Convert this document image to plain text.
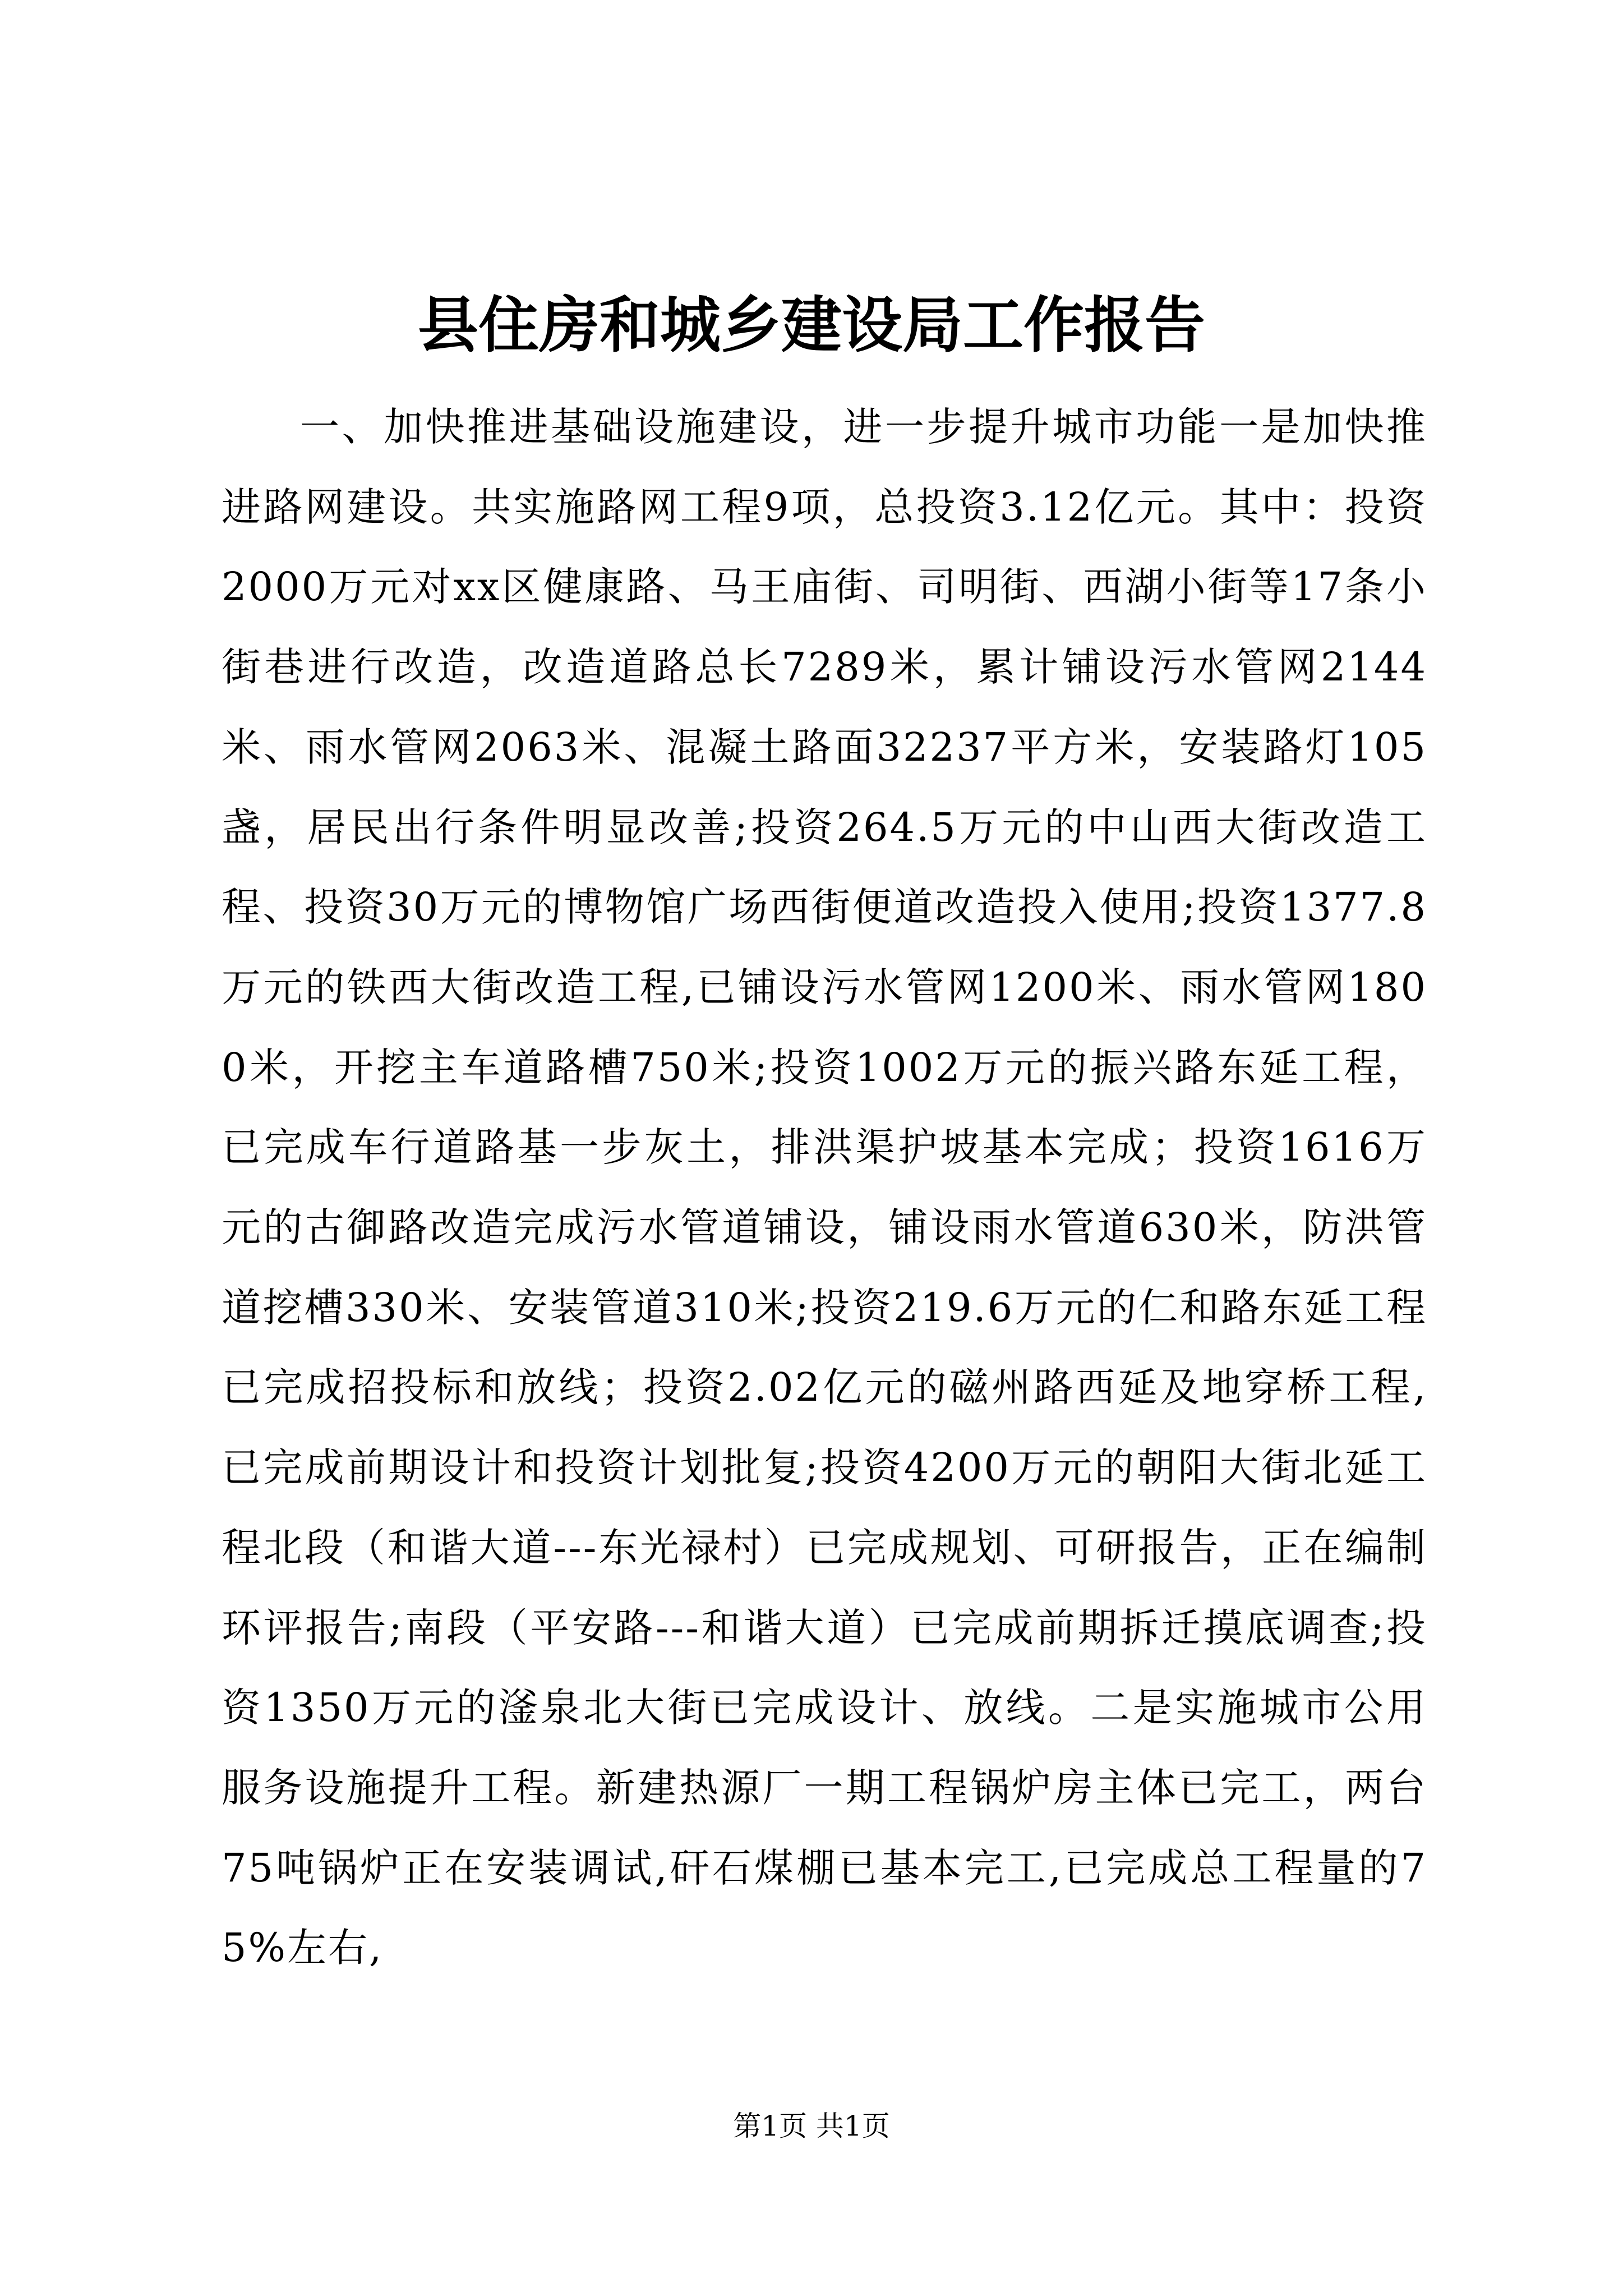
县住房和城乡建设局工作报告

一、加快推进基础设施建设，进一步提升城市功能一是加快推进路网建设。共实施路网工程9项，总投资3.12亿元。其中：投资2000万元对xx区健康路、马王庙街、司明街、西湖小街等17条小街巷进行改造，改造道路总长7289米，累计铺设污水管网2144米、雨水管网2063米、混凝土路面32237平方米，安装路灯105盏，居民出行条件明显改善;投资264.5万元的中山西大街改造工程、投资30万元的博物馆广场西街便道改造投入使用;投资1377.8万元的铁西大街改造工程,已铺设污水管网1200米、雨水管网1800米，开挖主车道路槽750米;投资1002万元的振兴路东延工程，已完成车行道路基一步灰土，排洪渠护坡基本完成；投资1616万元的古御路改造完成污水管道铺设，铺设雨水管道630米，防洪管道挖槽330米、安装管道310米;投资219.6万元的仁和路东延工程已完成招投标和放线；投资2.02亿元的磁州路西延及地穿桥工程,已完成前期设计和投资计划批复;投资4200万元的朝阳大街北延工程北段（和谐大道---东光禄村）已完成规划、可研报告，正在编制环评报告;南段（平安路---和谐大道）已完成前期拆迁摸底调查;投资1350万元的滏泉北大街已完成设计、放线。二是实施城市公用服务设施提升工程。新建热源厂一期工程锅炉房主体已完工，两台75吨锅炉正在安装调试,矸石煤棚已基本完工,已完成总工程量的75%左右,

第1页 共1页
